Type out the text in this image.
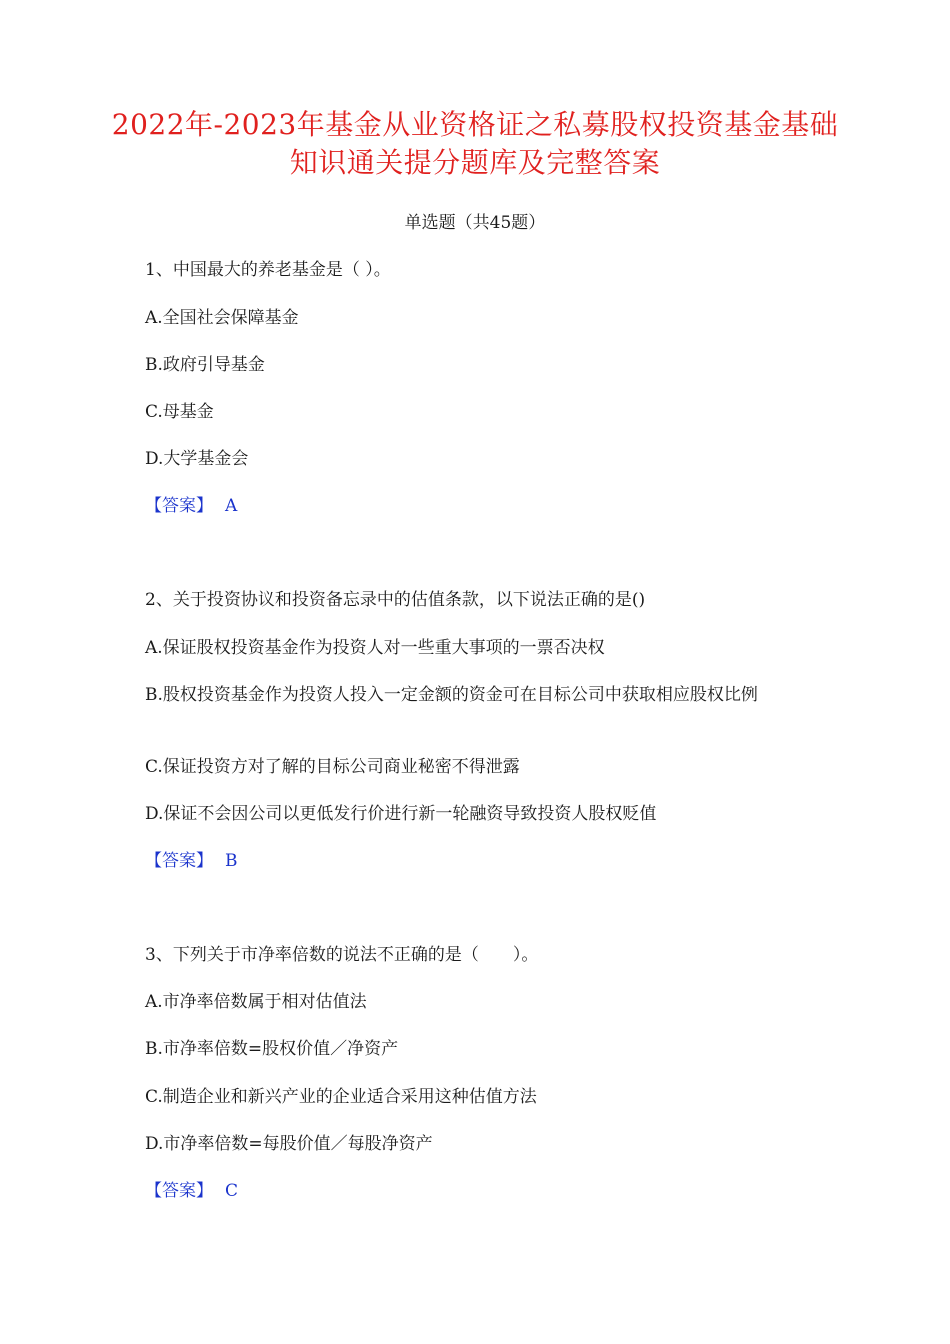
2022年-2023年基金从业资格证之私募股权投资基金基础知识通关提分题库及完整答案
单选题（共45题）
1、中国最大的养老基金是（ ）。
A.全国社会保障基金
B.政府引导基金
C.母基金
D.大学基金会
【答案】 A
2、关于投资协议和投资备忘录中的估值条款，以下说法正确的是()
A.保证股权投资基金作为投资人对一些重大事项的一票否决权
B.股权投资基金作为投资人投入一定金额的资金可在目标公司中获取相应股权比例
C.保证投资方对了解的目标公司商业秘密不得泄露
D.保证不会因公司以更低发行价进行新一轮融资导致投资人股权贬值
【答案】 B
3、下列关于市净率倍数的说法不正确的是（　　）。
A.市净率倍数属于相对估值法
B.市净率倍数=股权价值／净资产
C.制造企业和新兴产业的企业适合采用这种估值方法
D.市净率倍数=每股价值／每股净资产
【答案】 C
